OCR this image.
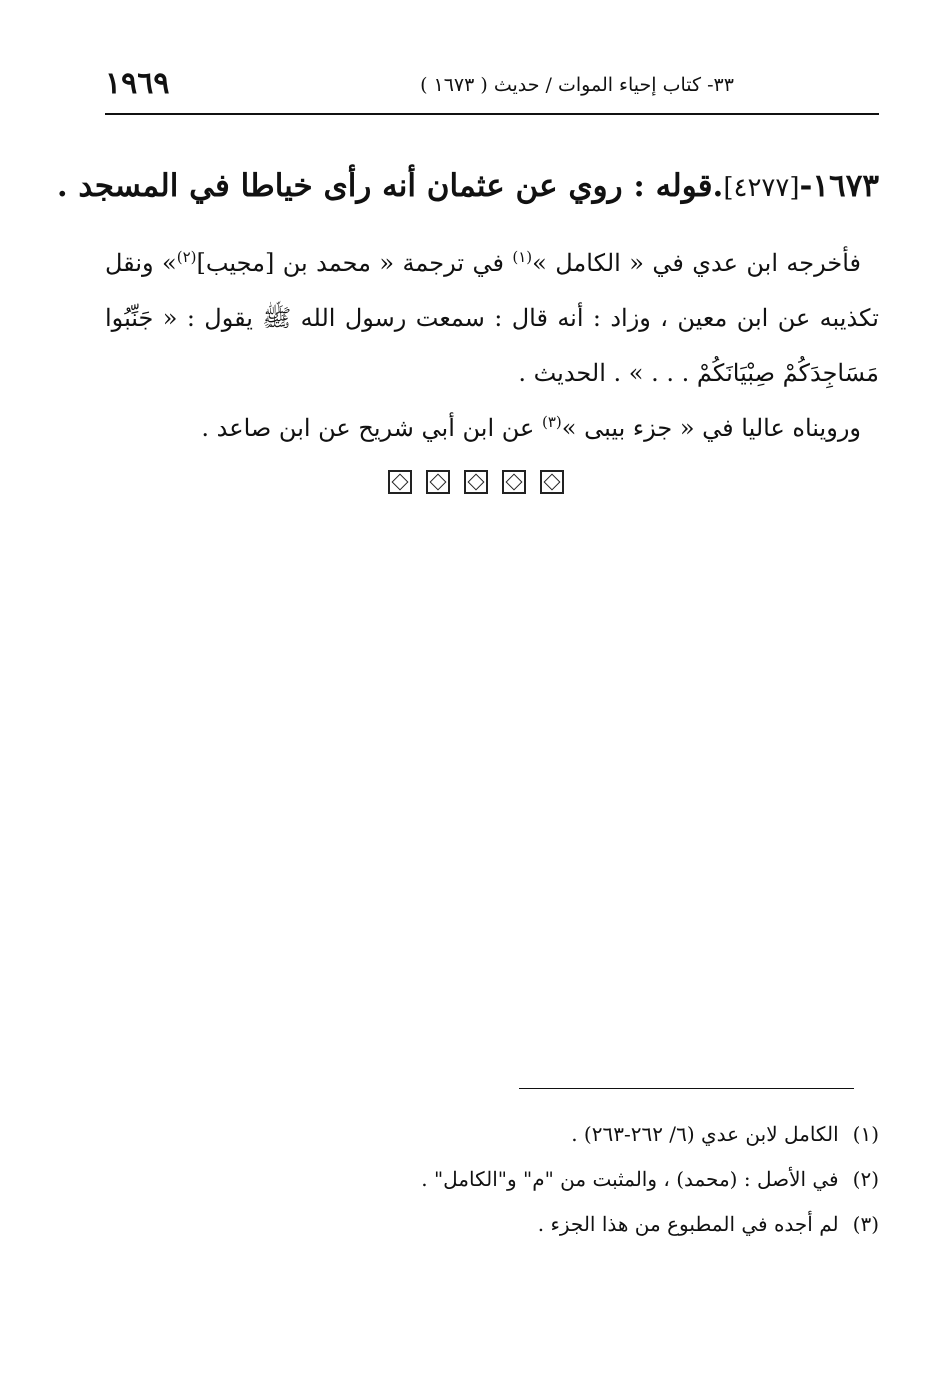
٣٣- كتاب إحياء الموات / حديث ( ١٦٧٣ )
١٩٦٩
١٦٧٣-[٤٢٧٧].قوله : روي عن عثمان أنه رأى خياطا في المسجد .

فأخرجه ابن عدي في « الكامل »$^{(١)}$ في ترجمة « محمد بن [مجيب]$^{(٢)}$» ونقل تكذيبه عن ابن معين ، وزاد : أنه قال : سمعت رسول الله ﷺ يقول : « جَنِّبُوا مَسَاجِدَكُمْ صِبْيَانَكُمْ . . . » . الحديث .

ورويناه عاليا في « جزء بيبى »$^{(٣)}$ عن ابن أبي شريح عن ابن صاعد .

(١)الكامل لابن عدي (٦/ ٢٦٢-٢٦٣) .
(٢)في الأصل : (محمد) ، والمثبت من "م" و"الكامل" .
(٣)لم أجده في المطبوع من هذا الجزء .
